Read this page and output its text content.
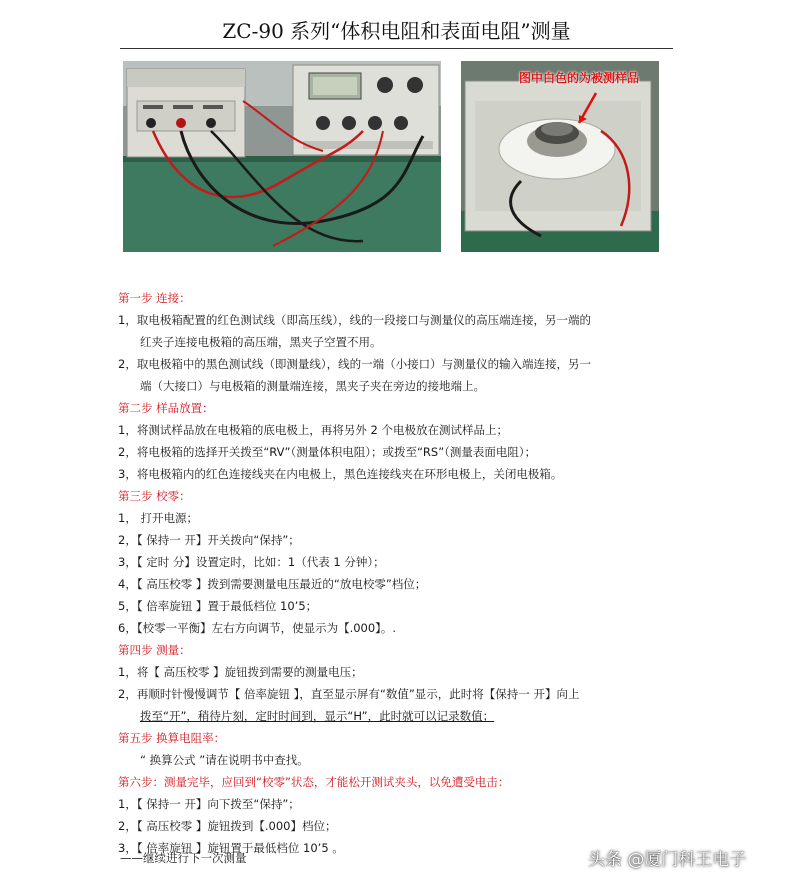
ZC-90 系列“体积电阻和表面电阻”测量
图中白色的为被测样品
第一步 连接：
1，取电极箱配置的红色测试线（即高压线），线的一段接口与测量仪的高压端连接，另一端的
红夹子连接电极箱的高压端，黑夹子空置不用。
2，取电极箱中的黑色测试线（即测量线），线的一端（小接口）与测量仪的输入端连接，另一
端（大接口）与电极箱的测量端连接，黑夹子夹在旁边的接地端上。
第二步 样品放置：
1，将测试样品放在电极箱的底电极上，再将另外 2 个电极放在测试样品上；
2，将电极箱的选择开关拨至“RV”（测量体积电阻）；或拨至“RS”（测量表面电阻）；
3，将电极箱内的红色连接线夹在内电极上，黑色连接线夹在环形电极上，关闭电极箱。
第三步 校零：
1， 打开电源；
2，【 保持一 开】开关拨向“保持”；
3，【 定时 分】设置定时，比如：1（代表 1 分钟）；
4，【 高压校零 】拨到需要测量电压最近的“放电校零”档位；
5，【 倍率旋钮 】置于最低档位 10’5；
6，【校零一平衡】左右方向调节，使显示为【.000】。.
第四步 测量：
1，将【 高压校零 】旋钮拨到需要的测量电压；
2，再顺时针慢慢调节【 倍率旋钮 】，直至显示屏有“数值”显示，此时将【保持一 开】向上
拨至“开”，稍待片刻，定时时间到，显示“H”，此时就可以记录数值；
第五步 换算电阻率：
“ 换算公式 ”请在说明书中查找。
第六步：测量完毕，应回到“校零”状态，才能松开测试夹头，以免遭受电击：
1，【 保持一 开】向下拨至“保持”；
2，【 高压校零 】旋钮拨到【.000】档位；
3，【 倍率旋钮 】旋钮置于最低档位 10’5 。
——继续进行下一次测量	头条 @厦门科王电子
